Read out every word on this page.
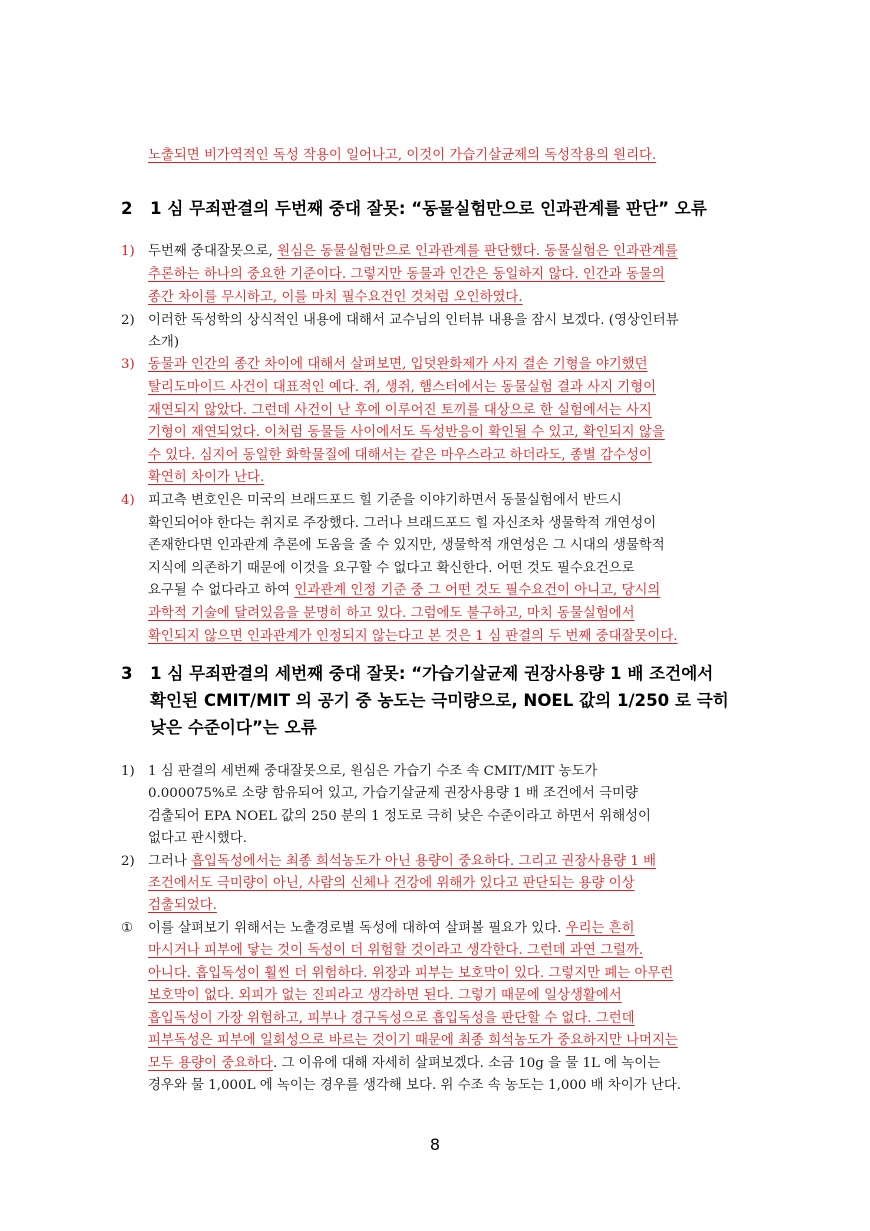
노출되면 비가역적인 독성 작용이 일어나고, 이것이 가습기살균제의 독성작용의 원리다.
2 1 심 무죄판결의 두번째 중대 잘못: “동물실험만으로 인과관계를 판단” 오류
1) 두번째 중대잘못으로, 원심은 동물실험만으로 인과관계를 판단했다. 동물실험은 인과관계를
추론하는 하나의 중요한 기준이다. 그렇지만 동물과 인간은 동일하지 않다. 인간과 동물의
종간 차이를 무시하고, 이를 마치 필수요건인 것처럼 오인하였다.
2) 이러한 독성학의 상식적인 내용에 대해서 교수님의 인터뷰 내용을 잠시 보겠다. (영상인터뷰
소개)
3) 동물과 인간의 종간 차이에 대해서 살펴보면, 입덧완화제가 사지 결손 기형을 야기했던
탈리도마이드 사건이 대표적인 예다. 쥐, 생쥐, 햄스터에서는 동물실험 결과 사지 기형이
재연되지 않았다. 그런데 사건이 난 후에 이루어진 토끼를 대상으로 한 실험에서는 사지
기형이 재연되었다. 이처럼 동물들 사이에서도 독성반응이 확인될 수 있고, 확인되지 않을
수 있다. 심지어 동일한 화학물질에 대해서는 같은 마우스라고 하더라도, 종별 감수성이
확연히 차이가 난다.
4) 피고측 변호인은 미국의 브래드포드 힐 기준을 이야기하면서 동물실험에서 반드시
확인되어야 한다는 취지로 주장했다. 그러나 브래드포드 힐 자신조차 생물학적 개연성이
존재한다면 인과관계 추론에 도움을 줄 수 있지만, 생물학적 개연성은 그 시대의 생물학적
지식에 의존하기 때문에 이것을 요구할 수 없다고 확신한다. 어떤 것도 필수요건으로
요구될 수 없다라고 하여 인과관계 인정 기준 중 그 어떤 것도 필수요건이 아니고, 당시의
과학적 기술에 달려있음을 분명히 하고 있다. 그럼에도 불구하고, 마치 동물실험에서
확인되지 않으면 인과관계가 인정되지 않는다고 본 것은 1 심 판결의 두 번째 중대잘못이다.
3 1 심 무죄판결의 세번째 중대 잘못: “가습기살균제 권장사용량 1 배 조건에서
확인된 CMIT/MIT 의 공기 중 농도는 극미량으로, NOEL 값의 1/250 로 극히
낮은 수준이다”는 오류
1) 1 심 판결의 세번째 중대잘못으로, 원심은 가습기 수조 속 CMIT/MIT 농도가
0.000075%로 소량 함유되어 있고, 가습기살균제 권장사용량 1 배 조건에서 극미량
검출되어 EPA NOEL 값의 250 분의 1 정도로 극히 낮은 수준이라고 하면서 위해성이
없다고 판시했다.
2) 그러나 흡입독성에서는 최종 희석농도가 아닌 용량이 중요하다. 그리고 권장사용량 1 배
조건에서도 극미량이 아닌, 사람의 신체나 건강에 위해가 있다고 판단되는 용량 이상
검출되었다.
① 이를 살펴보기 위해서는 노출경로별 독성에 대하여 살펴볼 필요가 있다. 우리는 흔히
마시거나 피부에 닿는 것이 독성이 더 위험할 것이라고 생각한다. 그런데 과연 그럴까.
아니다. 흡입독성이 훨씬 더 위험하다. 위장과 피부는 보호막이 있다. 그렇지만 폐는 아무런
보호막이 없다. 외피가 없는 진피라고 생각하면 된다. 그렇기 때문에 일상생활에서
흡입독성이 가장 위험하고, 피부나 경구독성으로 흡입독성을 판단할 수 없다. 그런데
피부독성은 피부에 일회성으로 바르는 것이기 때문에 최종 희석농도가 중요하지만 나머지는
모두 용량이 중요하다. 그 이유에 대해 자세히 살펴보겠다. 소금 10g 을 물 1L 에 녹이는
경우와 물 1,000L 에 녹이는 경우를 생각해 보다. 위 수조 속 농도는 1,000 배 차이가 난다.
8
